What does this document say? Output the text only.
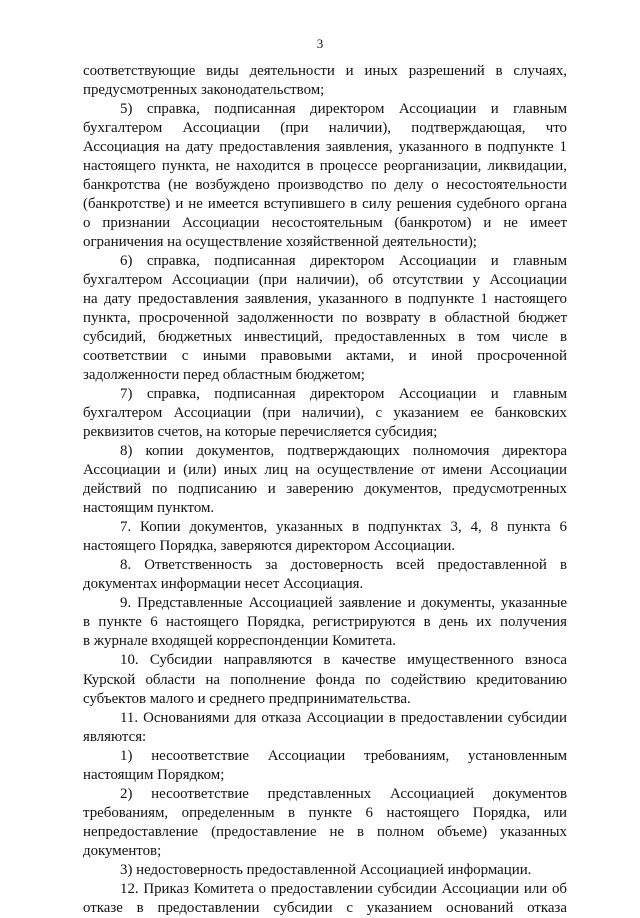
3
соответствующие виды деятельности и иных разрешений в случаях,
предусмотренных законодательством;
5) справка, подписанная директором Ассоциации и главным
бухгалтером Ассоциации (при наличии), подтверждающая, что
Ассоциация на дату предоставления заявления, указанного в подпункте 1
настоящего пункта, не находится в процессе реорганизации, ликвидации,
банкротства (не возбуждено производство по делу о несостоятельности
(банкротстве) и не имеется вступившего в силу решения судебного органа
о признании Ассоциации несостоятельным (банкротом) и не имеет
ограничения на осуществление хозяйственной деятельности);
6) справка, подписанная директором Ассоциации и главным
бухгалтером Ассоциации (при наличии), об отсутствии у Ассоциации
на дату предоставления заявления, указанного в подпункте 1 настоящего
пункта, просроченной задолженности по возврату в областной бюджет
субсидий, бюджетных инвестиций, предоставленных в том числе в
соответствии с иными правовыми актами, и иной просроченной
задолженности перед областным бюджетом;
7) справка, подписанная директором Ассоциации и главным
бухгалтером Ассоциации (при наличии), с указанием ее банковских
реквизитов счетов, на которые перечисляется субсидия;
8) копии документов, подтверждающих полномочия директора
Ассоциации и (или) иных лиц на осуществление от имени Ассоциации
действий по подписанию и заверению документов, предусмотренных
настоящим пунктом.
7. Копии документов, указанных в подпунктах 3, 4, 8 пункта 6
настоящего Порядка, заверяются директором Ассоциации.
8. Ответственность за достоверность всей предоставленной в
документах информации несет Ассоциация.
9. Представленные Ассоциацией заявление и документы, указанные
в пункте 6 настоящего Порядка, регистрируются в день их получения
в журнале входящей корреспонденции Комитета.
10. Субсидии направляются в качестве имущественного взноса
Курской области на пополнение фонда по содействию кредитованию
субъектов малого и среднего предпринимательства.
11. Основаниями для отказа Ассоциации в предоставлении субсидии
являются:
1) несоответствие Ассоциации требованиям, установленным
настоящим Порядком;
2) несоответствие представленных Ассоциацией документов
требованиям, определенным в пункте 6 настоящего Порядка, или
непредоставление (предоставление не в полном объеме) указанных
документов;
3) недостоверность предоставленной Ассоциацией информации.
12. Приказ Комитета о предоставлении субсидии Ассоциации или об
отказе в предоставлении субсидии с указанием оснований отказа
